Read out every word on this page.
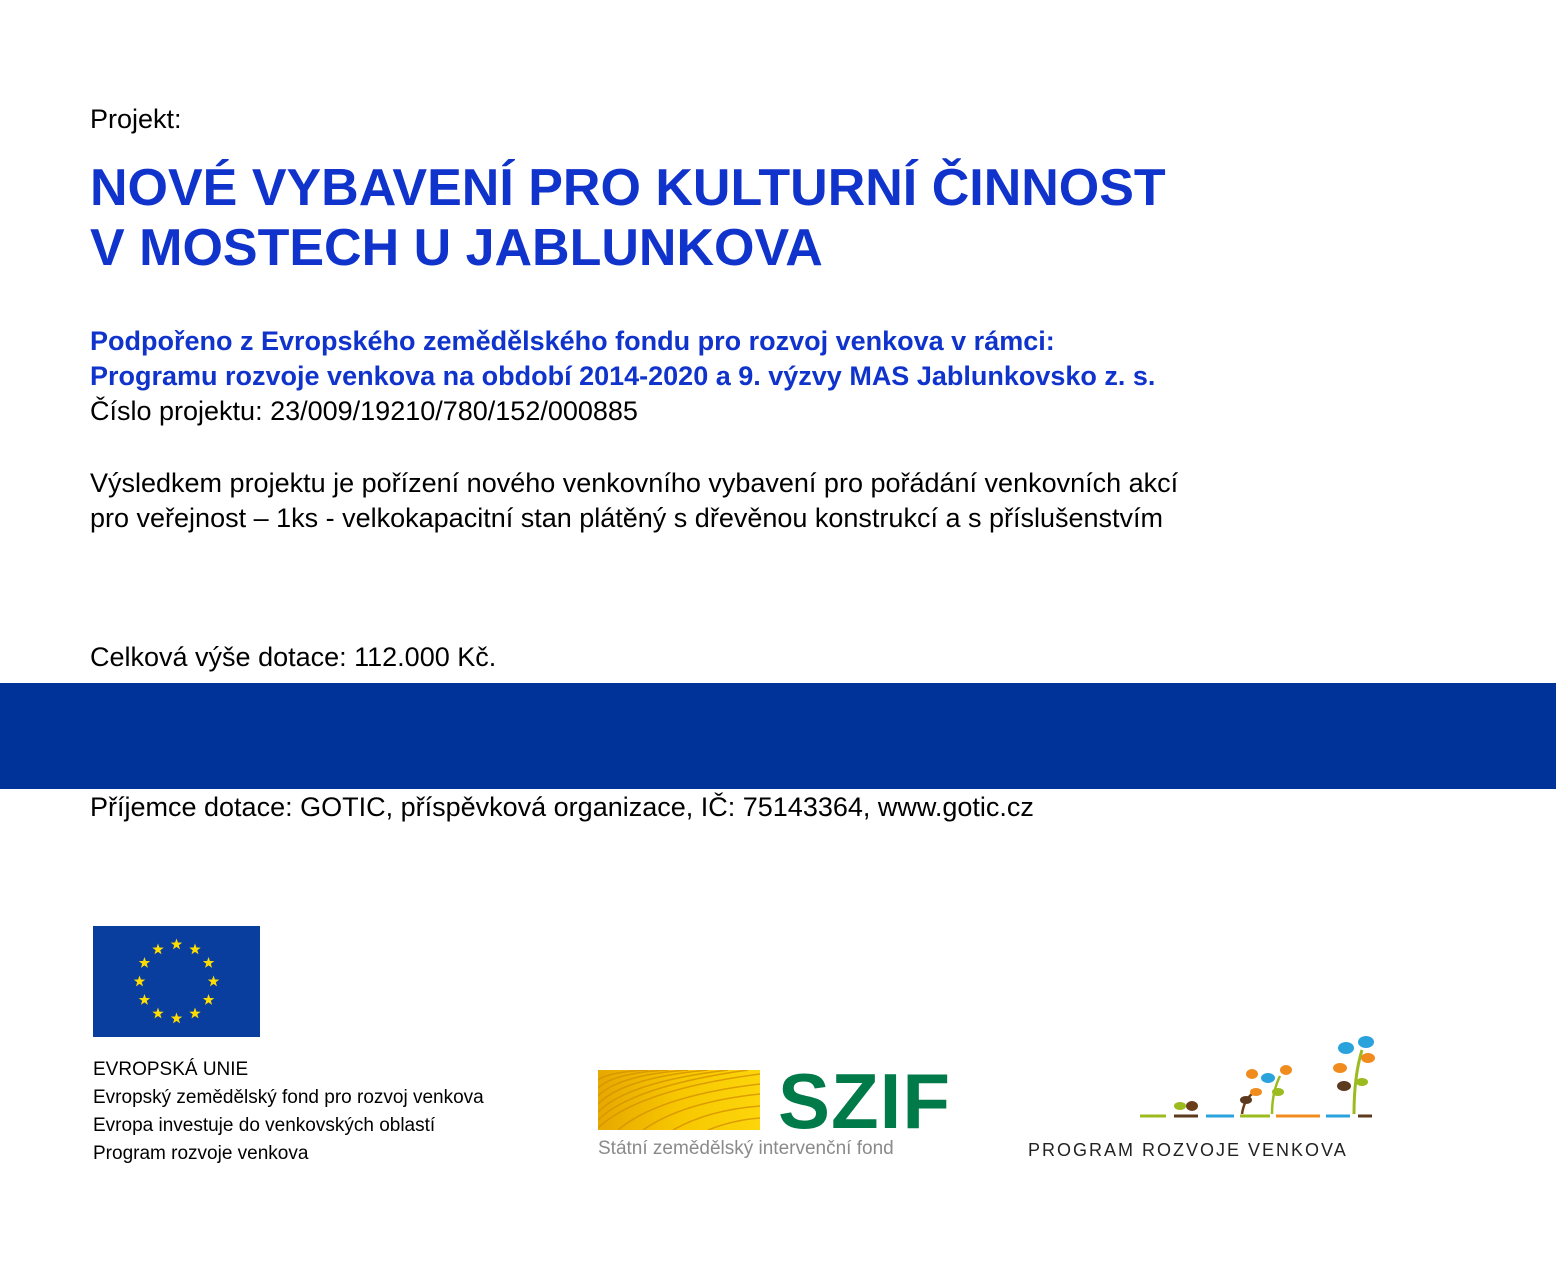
Projekt:
NOVÉ VYBAVENÍ PRO KULTURNÍ ČINNOST
V MOSTECH U JABLUNKOVA
Podpořeno z Evropského zemědělského fondu pro rozvoj venkova v rámci:
Programu rozvoje venkova na období 2014-2020 a 9. výzvy MAS Jablunkovsko z. s.
Číslo projektu: 23/009/19210/780/152/000885
Výsledkem projektu je pořízení nového venkovního vybavení pro pořádání venkovních akcí
pro veřejnost – 1ks - velkokapacitní stan plátěný s dřevěnou konstrukcí a s příslušenstvím
Celková výše dotace: 112.000 Kč.
Příjemce dotace: GOTIC, příspěvková organizace, IČ: 75143364, www.gotic.cz
EVROPSKÁ UNIE
Evropský zemědělský fond pro rozvoj venkova
Evropa investuje do venkovských oblastí
Program rozvoje venkova
SZIF
Státní zemědělský intervenční fond	PROGRAM ROZVOJE VENKOVA
